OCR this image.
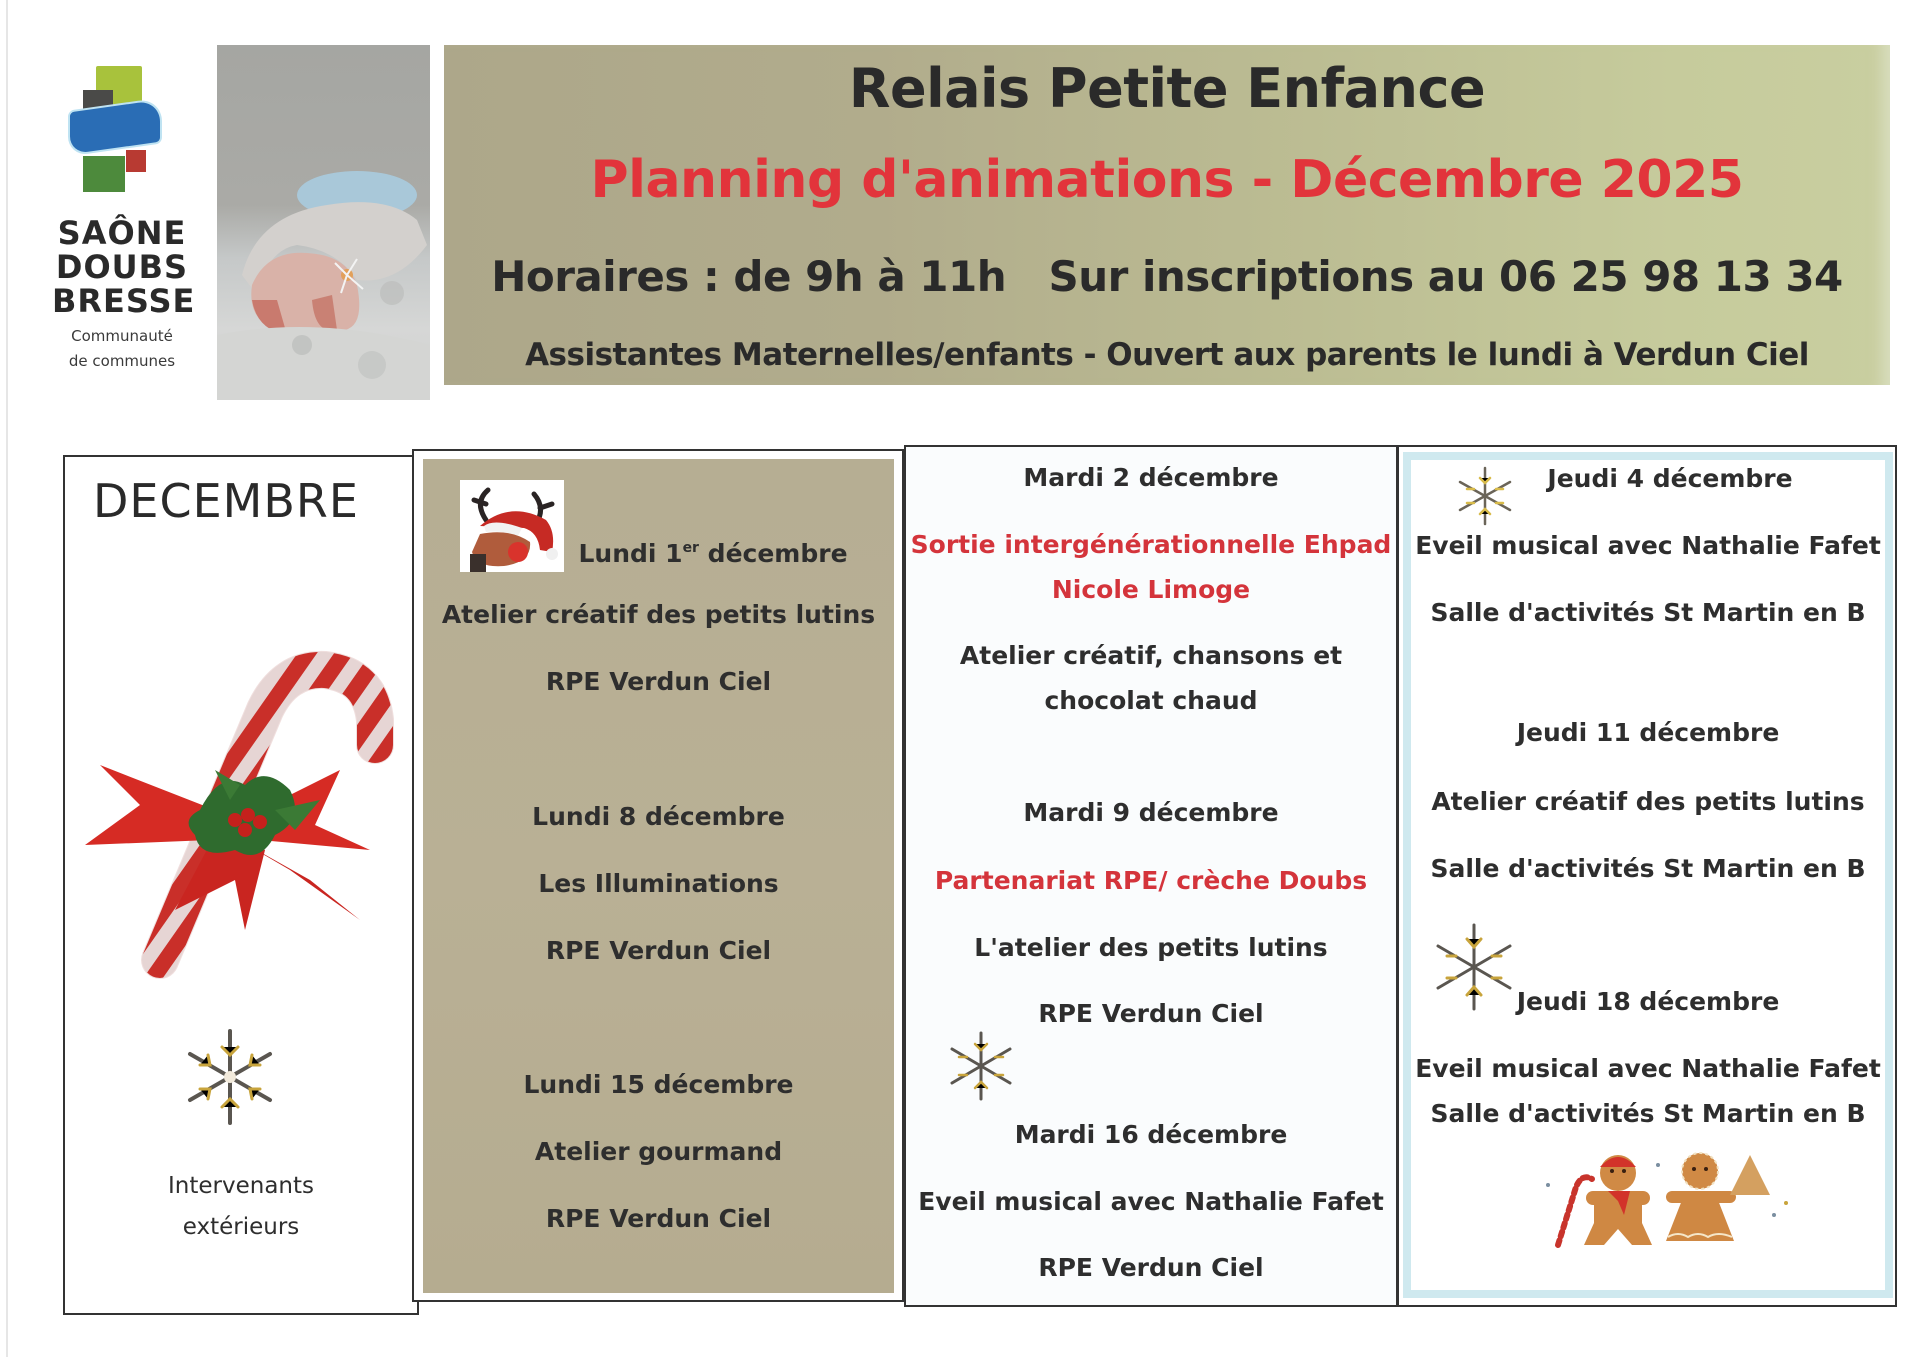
SAÔNE
DOUBS
BRESSE
Communauté
de communes
Relais Petite Enfance
Planning d'animations - Décembre 2025
Horaires : de 9h à 11h   Sur inscriptions au 06 25 98 13 34
Assistantes Maternelles/enfants - Ouvert aux parents le lundi à Verdun Ciel
DECEMBRE
Intervenants
extérieurs
Lundi 1er décembre
Atelier créatif des petits lutins
RPE Verdun Ciel
Lundi 8 décembre
Les Illuminations
RPE Verdun Ciel
Lundi 15 décembre
Atelier gourmand
RPE Verdun Ciel
Mardi 2 décembre
Sortie intergénérationnelle Ehpad
Nicole Limoge
Atelier créatif, chansons et
chocolat chaud
Mardi 9 décembre
Partenariat RPE/ crèche Doubs
L'atelier des petits lutins
RPE Verdun Ciel
Mardi 16 décembre
Eveil musical avec Nathalie Fafet
RPE Verdun Ciel
Jeudi 4 décembre
Eveil musical avec Nathalie Fafet
Salle d'activités St Martin en B
Jeudi 11 décembre
Atelier créatif des petits lutins
Salle d'activités St Martin en B
Jeudi 18 décembre
Eveil musical avec Nathalie Fafet
Salle d'activités St Martin en B
